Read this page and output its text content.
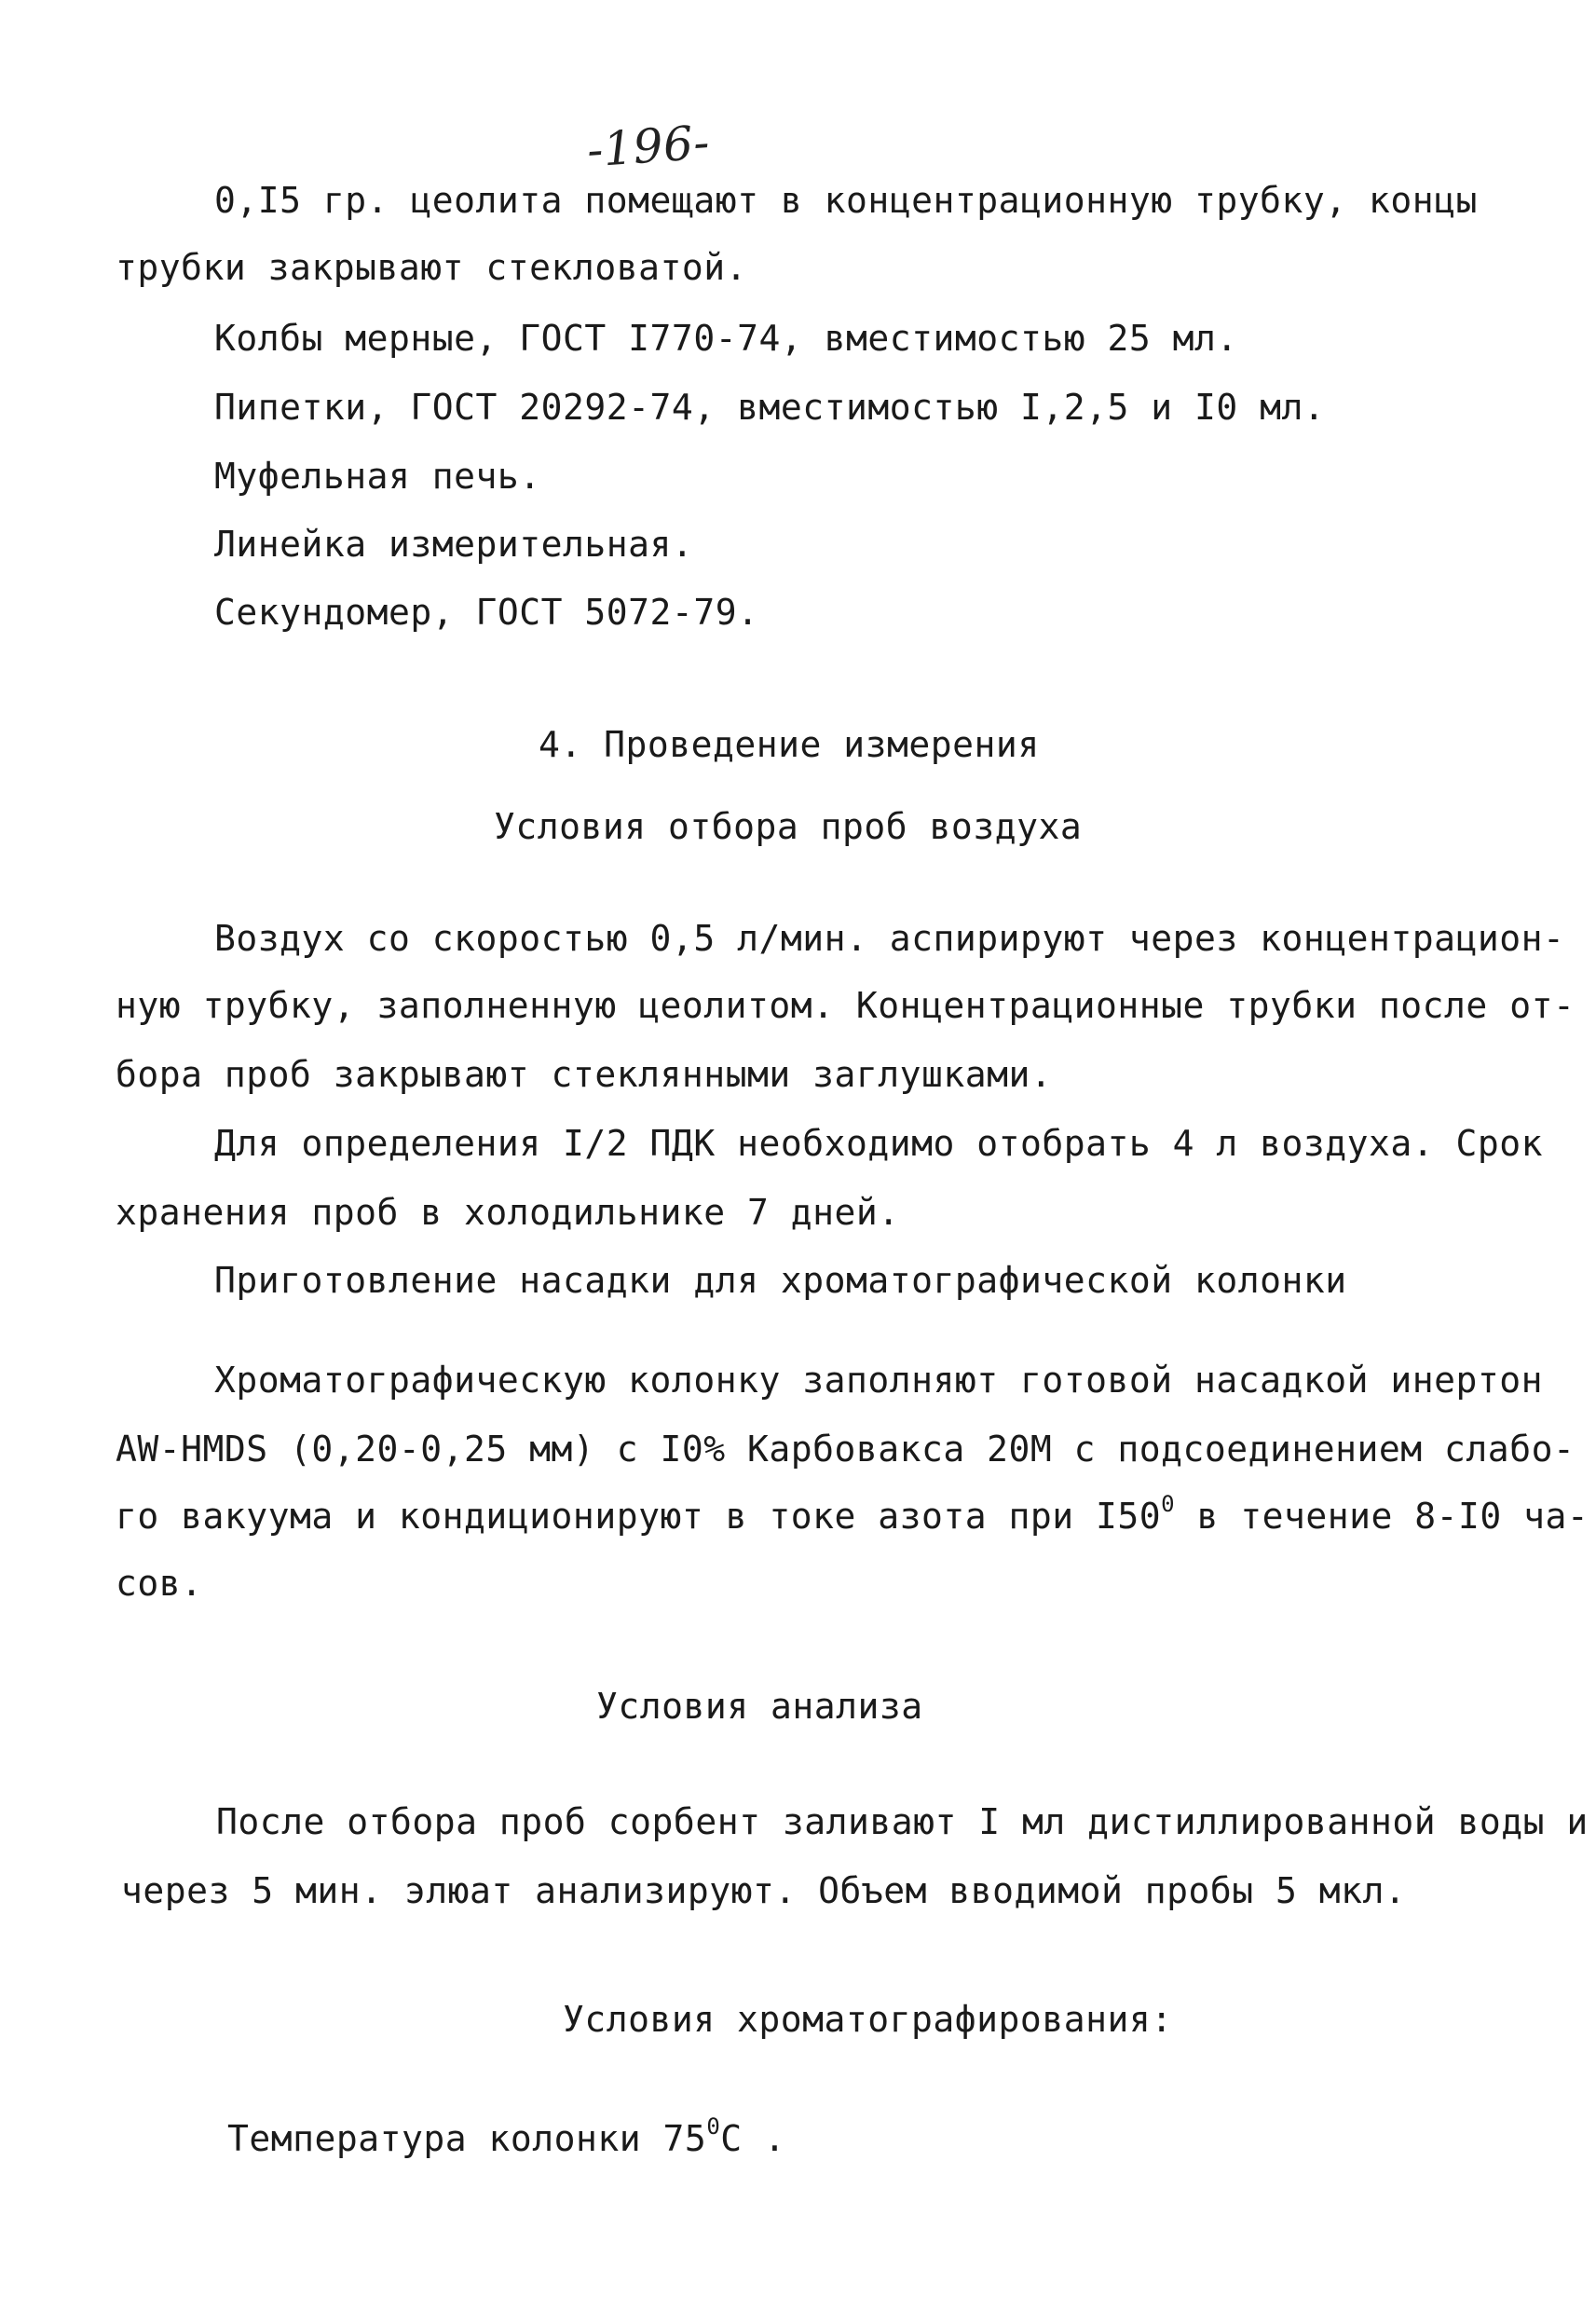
-196-
0,I5 гр. цеолита помещают в концентрационную трубку, концы
трубки закрывают стекловатой.
Колбы мерные, ГОСТ I770-74, вместимостью 25 мл.
Пипетки, ГОСТ 20292-74, вместимостью I,2,5 и I0 мл.
Муфельная печь.
Линейка измерительная.
Секундомер, ГОСТ 5072-79.
4. Проведение измерения
Условия отбора проб воздуха
Воздух со скоростью 0,5 л/мин. аспирируют через концентрацион-
ную трубку, заполненную цеолитом. Концентрационные трубки после от-
бора проб закрывают стеклянными заглушками.
Для определения I/2 ПДК необходимо отобрать 4 л воздуха. Срок
хранения проб в холодильнике 7 дней.
Приготовление насадки для хроматографической колонки
Хроматографическую колонку заполняют готовой насадкой инертон
AW-HMDS (0,20-0,25 мм) с I0% Карбовакса 20М с подсоединением слабо-
го вакуума и кондиционируют в токе азота при $I50^0$ в течение 8-I0 ча-
сов.
Условия анализа
После отбора проб сорбент заливают I мл дистиллированной воды и
через 5 мин. элюат анализируют. Объем вводимой пробы 5 мкл.
Условия хроматографирования:
Температура колонки $75^0С$ .
